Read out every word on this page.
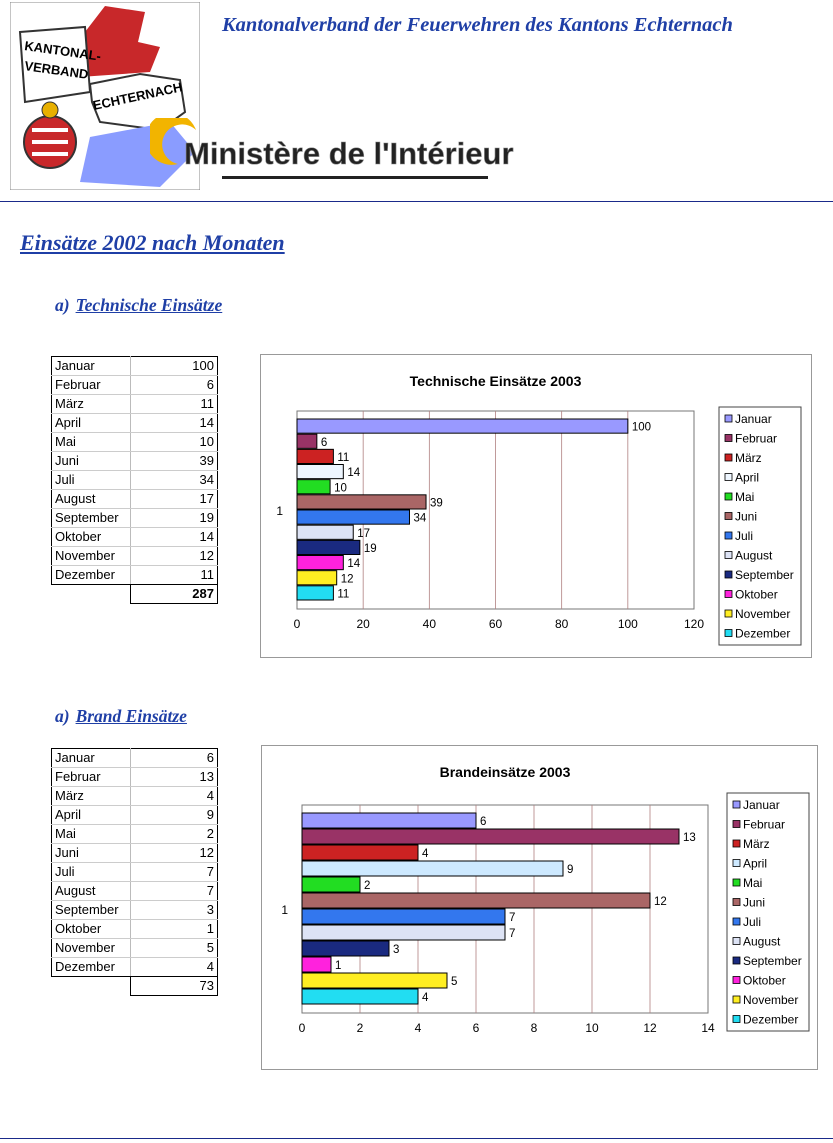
KANTONAL-
VERBAND
ECHTERNACH
Kantonalverband der Feuerwehren des Kantons Echternach
Ministère de l'Intérieur
Einsätze 2002 nach Monaten
a) Technische Einsätze
Januar	100
Februar	6
März	11
April	14
Mai	10
Juni	39
Juli	34
August	17
September	19
Oktober	14
November	12
Dezember	11
	287
Technische Einsätze 2003
0	20	40	60	80	100	120
1
100
6
11
14
10
39
34
17
19
14
12
11
Januar
Februar
März
April
Mai
Juni
Juli
August
September
Oktober
November
Dezember
a) Brand Einsätze
Januar	6
Februar	13
März	4
April	9
Mai	2
Juni	12
Juli	7
August	7
September	3
Oktober	1
November	5
Dezember	4
	73
Brandeinsätze 2003
0	2	4	6	8	10	12	14
1
6
13
4
9
2
12
7
7
3
1
5
4
Januar
Februar
März
April
Mai
Juni
Juli
August
September
Oktober
November
Dezember
